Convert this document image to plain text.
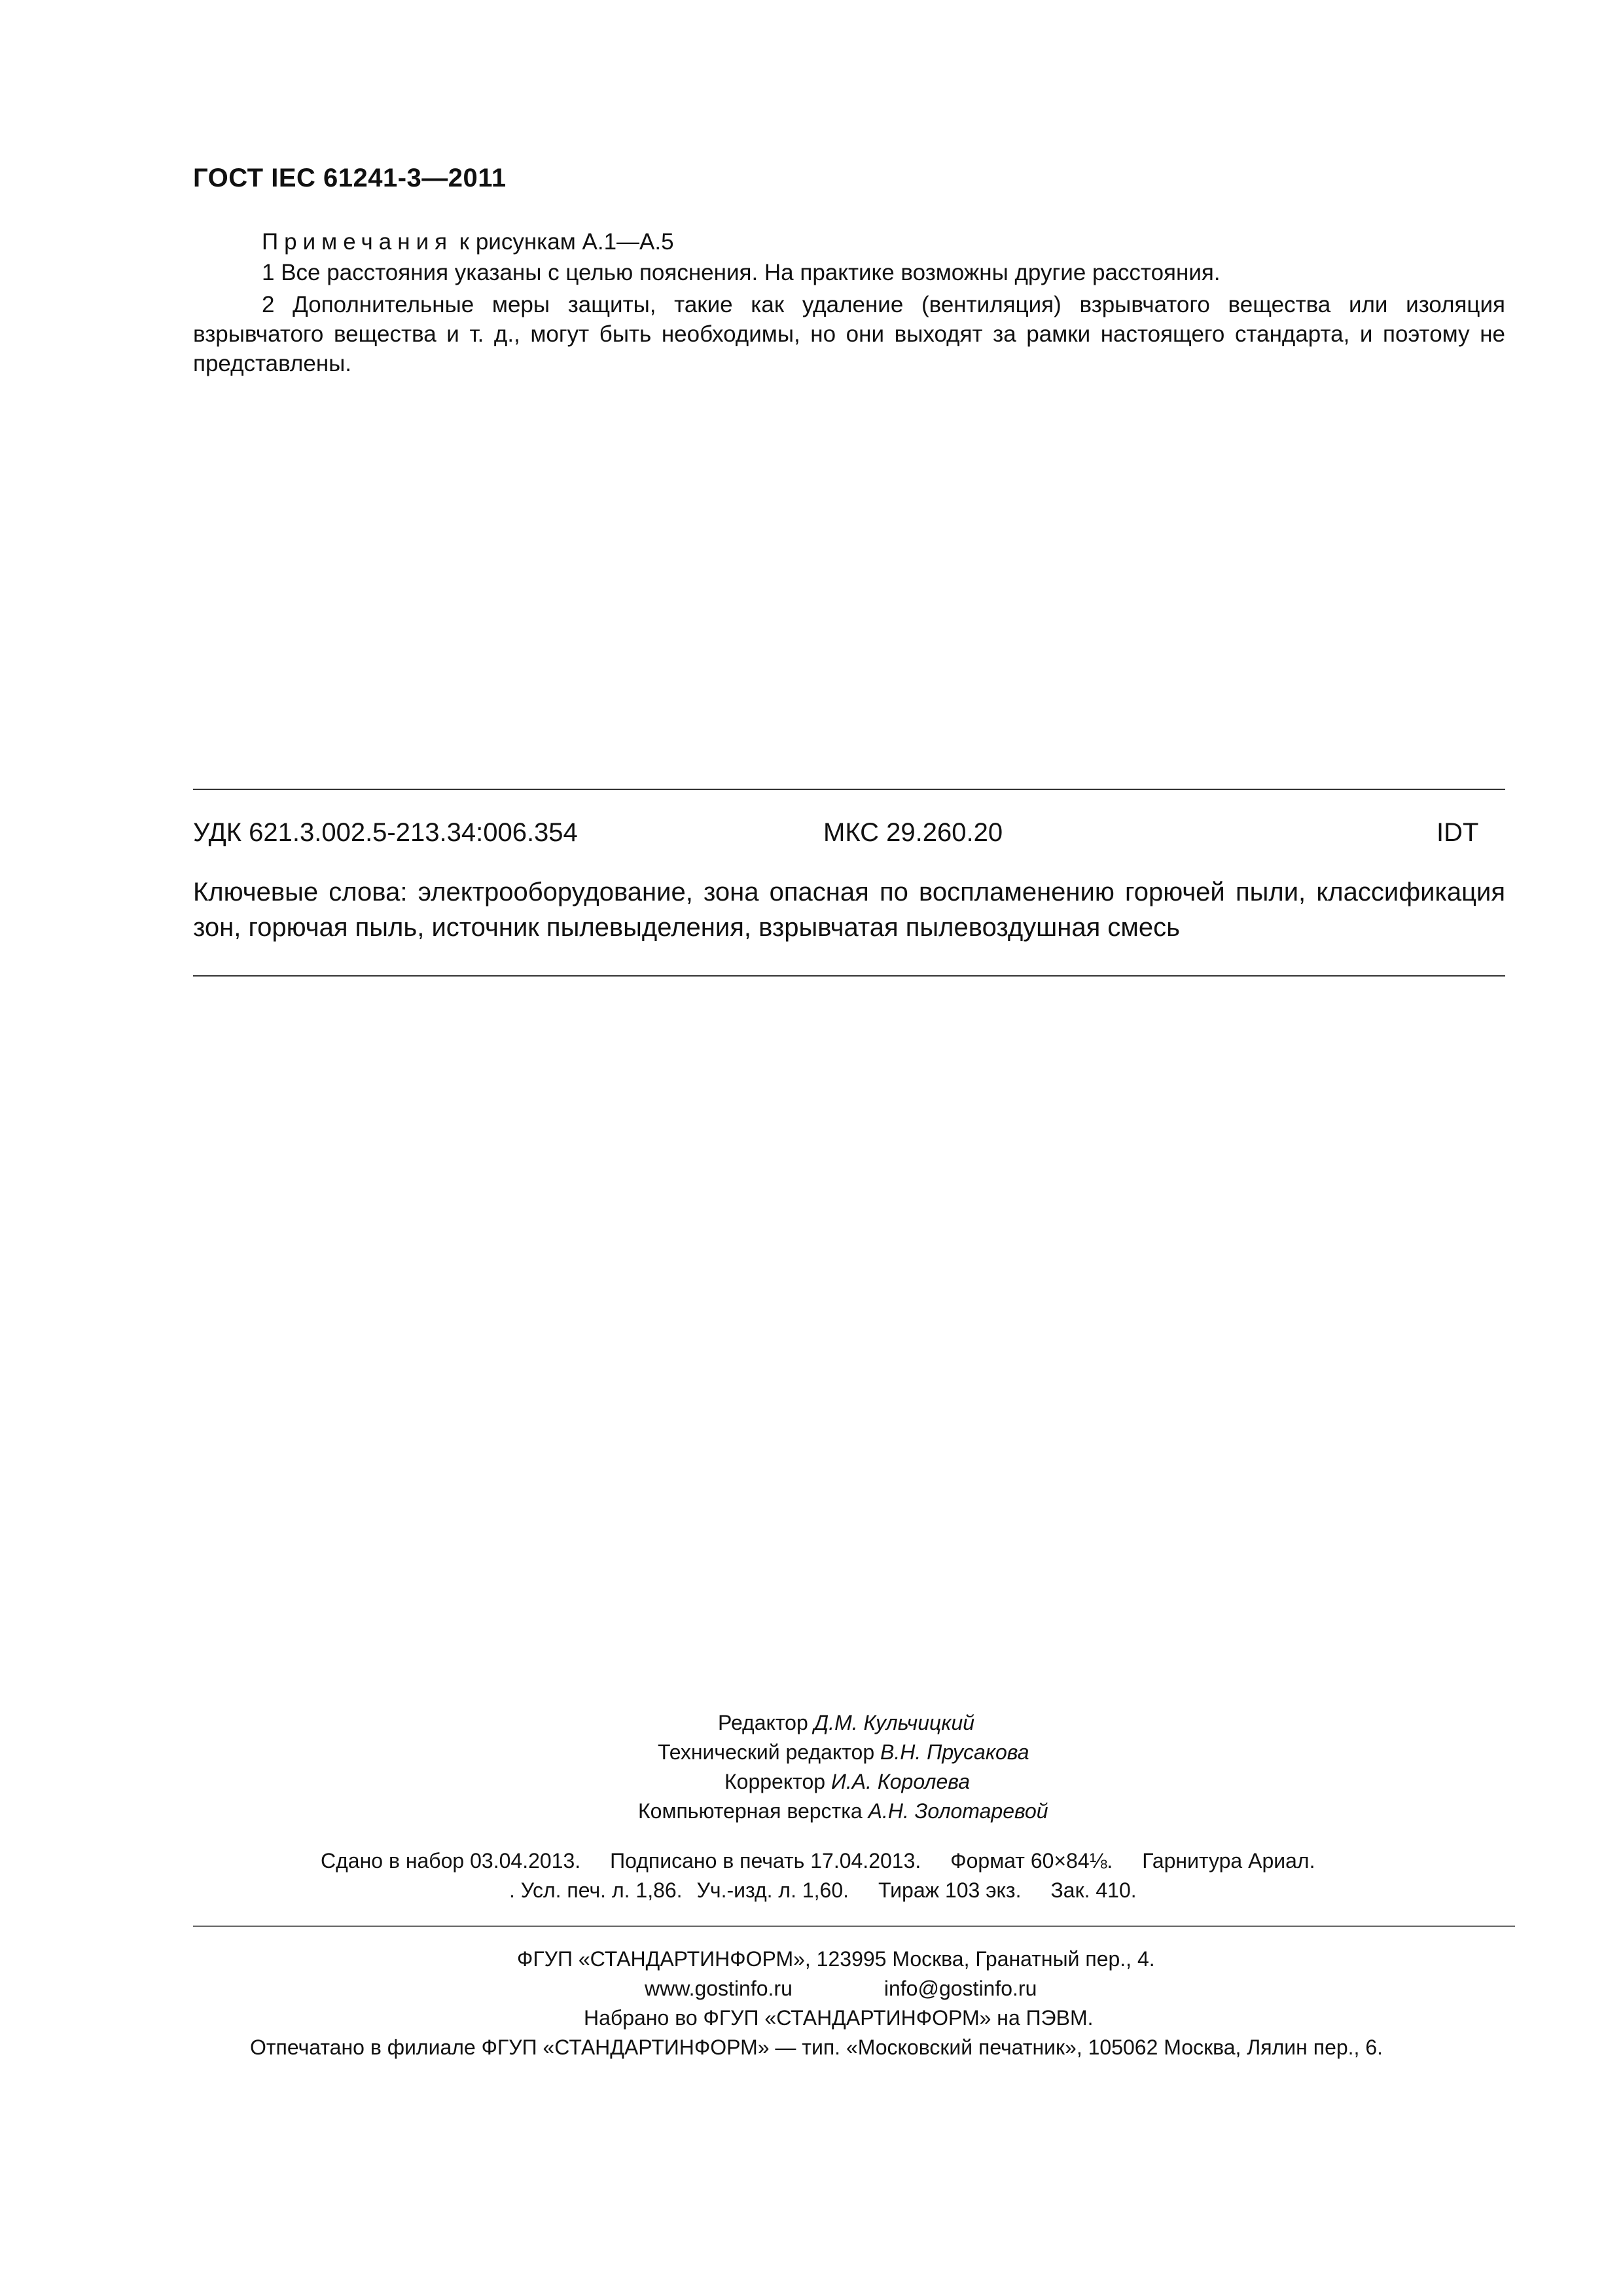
ГОСТ IEC 61241-3—2011
Примечания к рисункам А.1—А.5
1 Все расстояния указаны с целью пояснения. На практике возможны другие расстояния.
2 Дополнительные меры защиты, такие как удаление (вентиляция) взрывчатого вещества или изоляция взрывчатого вещества и т. д., могут быть необходимы, но они выходят за рамки настоящего стандарта, и поэтому не представлены.
УДК 621.3.002.5-213.34:006.354	МКС 29.260.20	IDT
Ключевые слова: электрооборудование, зона опасная по воспламенению горючей пыли, классификация зон, горючая пыль, источник пылевыделения, взрывчатая пылевоздушная смесь
Редактор Д.М. Кульчицкий
Технический редактор В.Н. Прусакова
Корректор И.А. Королева
Компьютерная верстка А.Н. Золотаревой
Сдано в набор 03.04.2013. Подписано в печать 17.04.2013. Формат 60×84⅛. Гарнитура Ариал.
. Усл. печ. л. 1,86. Уч.-изд. л. 1,60. Тираж 103 экз. Зак. 410.
ФГУП «СТАНДАРТИНФОРМ», 123995 Москва, Гранатный пер., 4.
www.gostinfo.ru	info@gostinfo.ru
Набрано во ФГУП «СТАНДАРТИНФОРМ» на ПЭВМ.
Отпечатано в филиале ФГУП «СТАНДАРТИНФОРМ» — тип. «Московский печатник», 105062 Москва, Лялин пер., 6.
